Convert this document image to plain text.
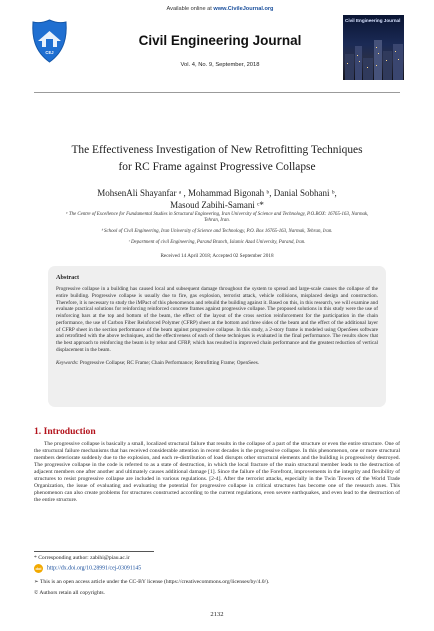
Available online at www.CivileJournal.org
CEJ
Civil Engineering Journal
Vol. 4, No. 9, September, 2018
Civil Engineering Journal
The Effectiveness Investigation of New Retrofitting Techniques
for RC Frame against Progressive Collapse
MohsenAli Shayanfar ᵃ , Mohammad Bigonah ᵇ, Danial Sobhani ᵇ,
Masoud Zabihi-Samani ᶜ*
ᵃ The Centre of Excellence for Fundamental Studies in Structural Engineering, Iran University of Science and Technology, P.O.BOX: 16765-163, Narmak, Tehran, Iran.
ᵇ School of Civil Engineering, Iran University of Science and Technology, P.O. Box 16765-163, Narmak, Tehran, Iran.
ᶜ Department of civil Engineering, Parand Branch, Islamic Azad University, Parand, Iran.
Received 14 April 2018; Accepted 02 September 2018
Abstract
Progressive collapse in a building has caused local and subsequent damage throughout the system to spread and large-scale causes the collapse of the entire building. Progressive collapse is usually due to fire, gas explosion, terrorist attack, vehicle collisions, misplaced design and construction. Therefore, it is necessary to study the iMPact of this phenomenon and rebuild the building against it. Based on this, in this research, we will examine and evaluate practical solutions for reinforcing reinforced concrete frames against progressive collapse. The proposed solutions in this study were the use of reinforcing bars at the top and bottom of the beam, the effect of the layout of the cross section reinforcement for the participation in the chain performance, the use of Carbon Fiber Reinforced Polymer (CFRP) sheet at the bottom and three sides of the beam and the effect of the additional layer of CFRP sheet in the section performance of the beam against progressive collapse. In this study, a 2-story frame is modeled using OpenSees software and retrofitted with the above techniques, and the effectiveness of each of these techniques is evaluated in the final performance. The results show that the best approach to reinforcing the beam is by rebar and CFRP, which has resulted in improved chain performance and the greatest reduction of vertical displacement in the beam.
Keywords: Progressive Collapse; RC Frame; Chain Performance; Retrofitting Frame; OpenSees.
1. Introduction
The progressive collapse is basically a small, localized structural failure that results in the collapse of a part of the structure or even the entire structure. One of the structural failure mechanisms that has received considerable attention in recent decades is the progressive collapse. In this phenomenon, one or more structural members deteriorate suddenly due to the explosion, and each re-distribution of load disrupts other structural elements and the building is progressively destroyed. The progressive collapse in the code is referred to as a state of destruction, in which the local fracture of the main structural member leads to the destruction of adjacent members one after another and ultimately causes additional damage [1]. Since the failure of the Forefront, improvements in the integrity and flexibility of structures to resist progressive collapse are included in various regulations. [2-4]. After the terrorist attacks, especially in the Twin Towers of the World Trade Organization, the issue of evaluating and evaluating the potential for progressive collapse in critical structures has become one of the research axes. This phenomenon can also create problems for structures constructed according to the current regulations, even severe earthquakes, and even lead to the destruction of the entire structure.
* Corresponding author: zabihi@piau.ac.ir
doi http://dx.doi.org/10.28991/cej-03091145
➢ This is an open access article under the CC-BY license (https://creativecommons.org/licenses/by/4.0/).
© Authors retain all copyrights.
2132
